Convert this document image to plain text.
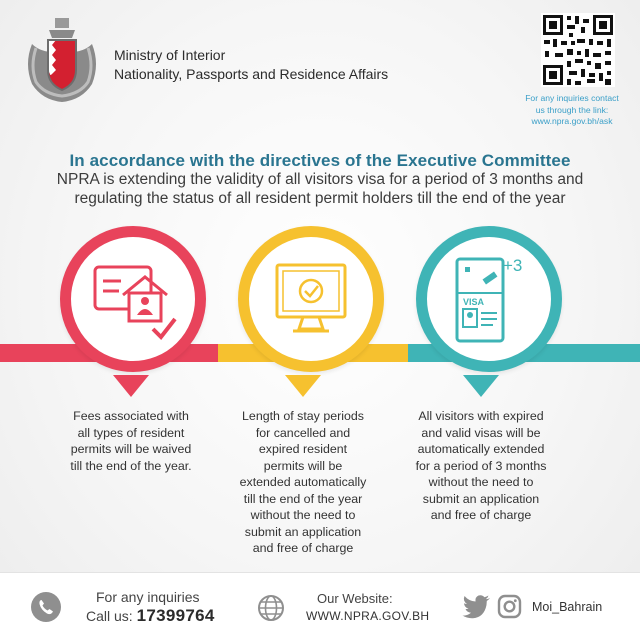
Ministry of Interior
Nationality, Passports and Residence Affairs
For any inquiries contact
us through the link:
www.npra.gov.bh/ask
In accordance with the directives of the Executive Committee
NPRA is extending the validity of all visitors visa for a period of 3 months and
regulating the status of all resident permit holders till the end of the year
Fees associated with
all types of resident
permits will be waived
till the end of the year.
Length of stay periods
for cancelled and
expired resident
permits will be
extended automatically
till the end of the year
without the need to
submit an application
and free of charge
VISA
+3
All visitors with expired
and valid visas will be
automatically extended
for a period of 3 months
without the need to
submit an application
and free of charge
For any inquiries
Call us: 17399764
Our Website:
WWW.NPRA.GOV.BH
Moi_Bahrain
